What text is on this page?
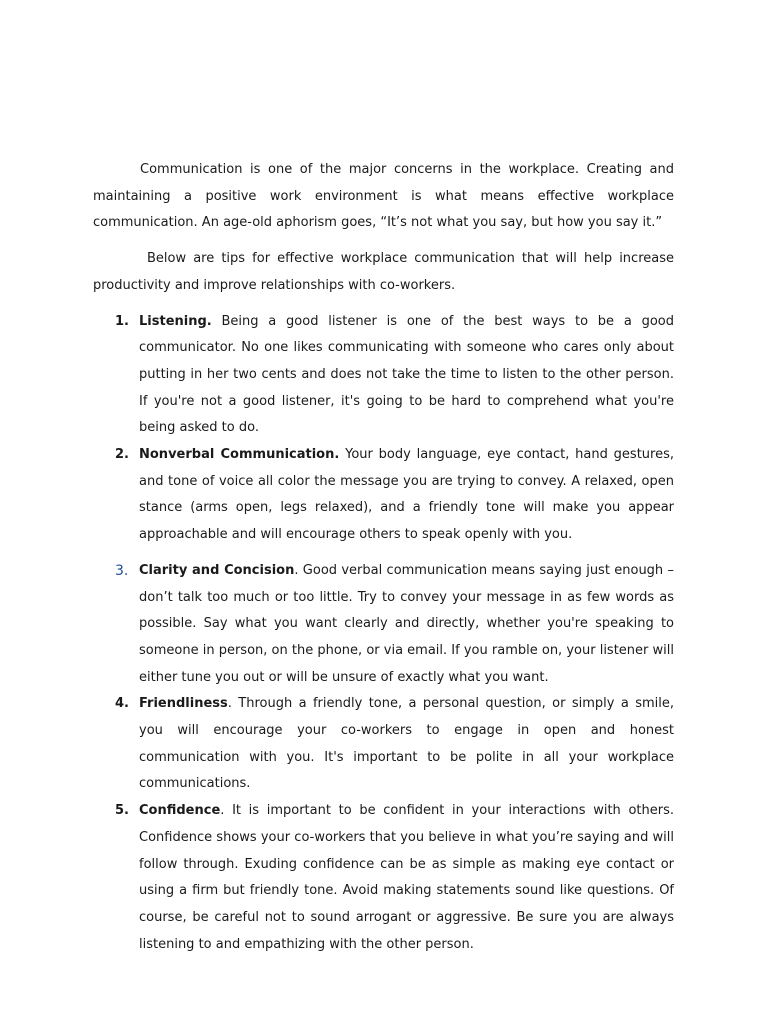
Communication is one of the major concerns in the workplace. Creating and maintaining a positive work environment is what means effective workplace communication. An age-old aphorism goes, “It’s not what you say, but how you say it.”

Below are tips for effective workplace communication that will help increase productivity and improve relationships with co-workers.

1. Listening. Being a good listener is one of the best ways to be a good communicator. No one likes communicating with someone who cares only about putting in her two cents and does not take the time to listen to the other person. If you're not a good listener, it's going to be hard to comprehend what you're being asked to do.
2. Nonverbal Communication. Your body language, eye contact, hand gestures, and tone of voice all color the message you are trying to convey. A relaxed, open stance (arms open, legs relaxed), and a friendly tone will make you appear approachable and will encourage others to speak openly with you.
3. Clarity and Concision. Good verbal communication means saying just enough – don’t talk too much or too little. Try to convey your message in as few words as possible. Say what you want clearly and directly, whether you're speaking to someone in person, on the phone, or via email. If you ramble on, your listener will either tune you out or will be unsure of exactly what you want.
4. Friendliness. Through a friendly tone, a personal question, or simply a smile, you will encourage your co-workers to engage in open and honest communication with you. It's important to be polite in all your workplace communications.
5. Confidence. It is important to be confident in your interactions with others. Confidence shows your co-workers that you believe in what you’re saying and will follow through. Exuding confidence can be as simple as making eye contact or using a firm but friendly tone. Avoid making statements sound like questions. Of course, be careful not to sound arrogant or aggressive. Be sure you are always listening to and empathizing with the other person.
